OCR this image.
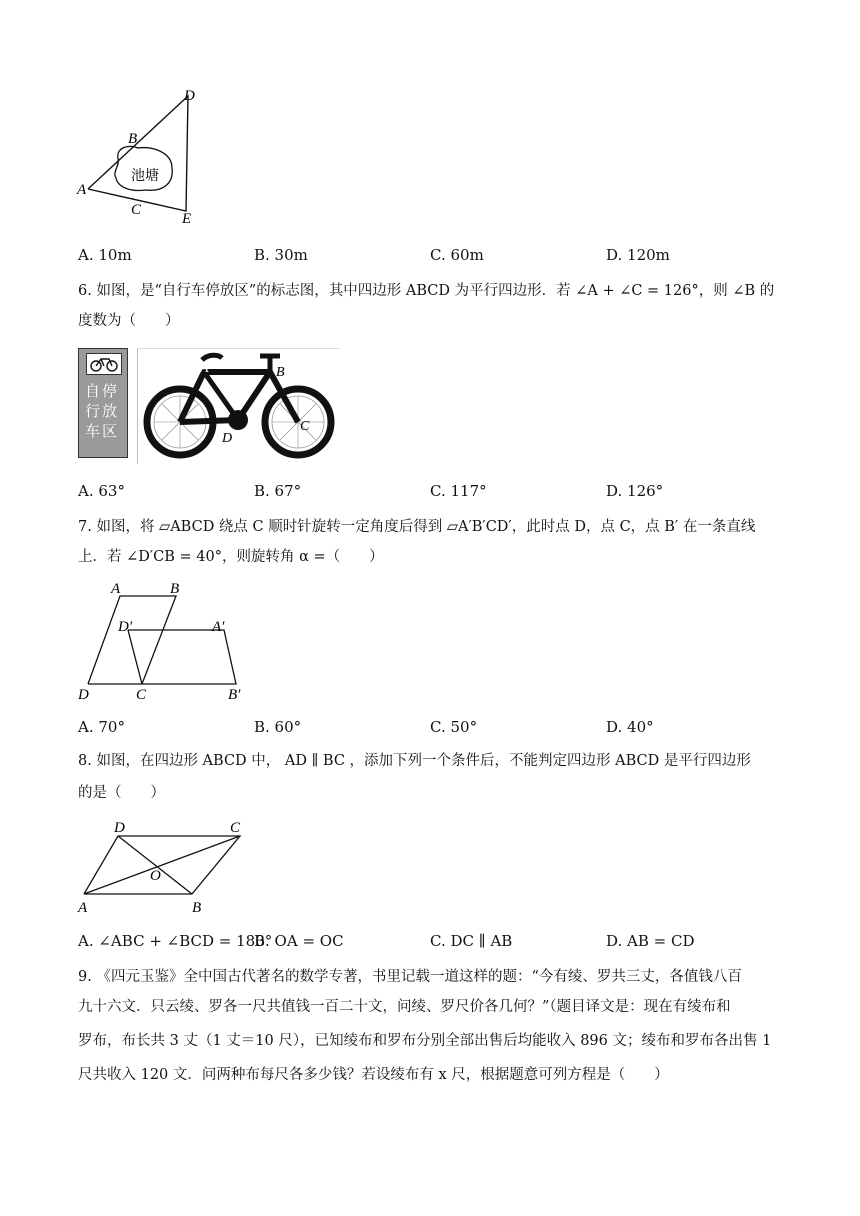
池塘
A
B
C
D
E
A. 10m	B. 30m	C. 60m	D. 120m
6. 如图，是“自行车停放区”的标志图，其中四边形 ABCD 为平行四边形．若 ∠A + ∠C = 126°，则 ∠B 的
度数为（　　）
自停
行放
车区
A	B
C
D
A. 63°	B. 67°	C. 117°	D. 126°
7. 如图，将 ▱ABCD 绕点 C 顺时针旋转一定角度后得到 ▱A′B′CD′，此时点 D，点 C，点 B′ 在一条直线
上．若 ∠D′CB = 40°，则旋转角 α =（　　）
A	B
D′	A′
D	C	B′
A. 70°	B. 60°	C. 50°	D. 40°
8. 如图，在四边形 ABCD 中， AD ∥ BC ，添加下列一个条件后，不能判定四边形 ABCD 是平行四边形
的是（　　）
D	C
O
A	B
A. ∠ABC + ∠BCD = 180°
B. OA = OC	C. DC ∥ AB	D. AB = CD
9. 《四元玉鉴》全中国古代著名的数学专著，书里记载一道这样的题：“今有绫、罗共三丈，各值钱八百
九十六文．只云绫、罗各一尺共值钱一百二十文，问绫、罗尺价各几何？”（题目译文是：现在有绫布和
罗布，布长共 3 丈（1 丈＝10 尺），已知绫布和罗布分别全部出售后均能收入 896 文；绫布和罗布各出售 1
尺共收入 120 文．问两种布每尺各多少钱？若设绫布有 x 尺，根据题意可列方程是（　　）
